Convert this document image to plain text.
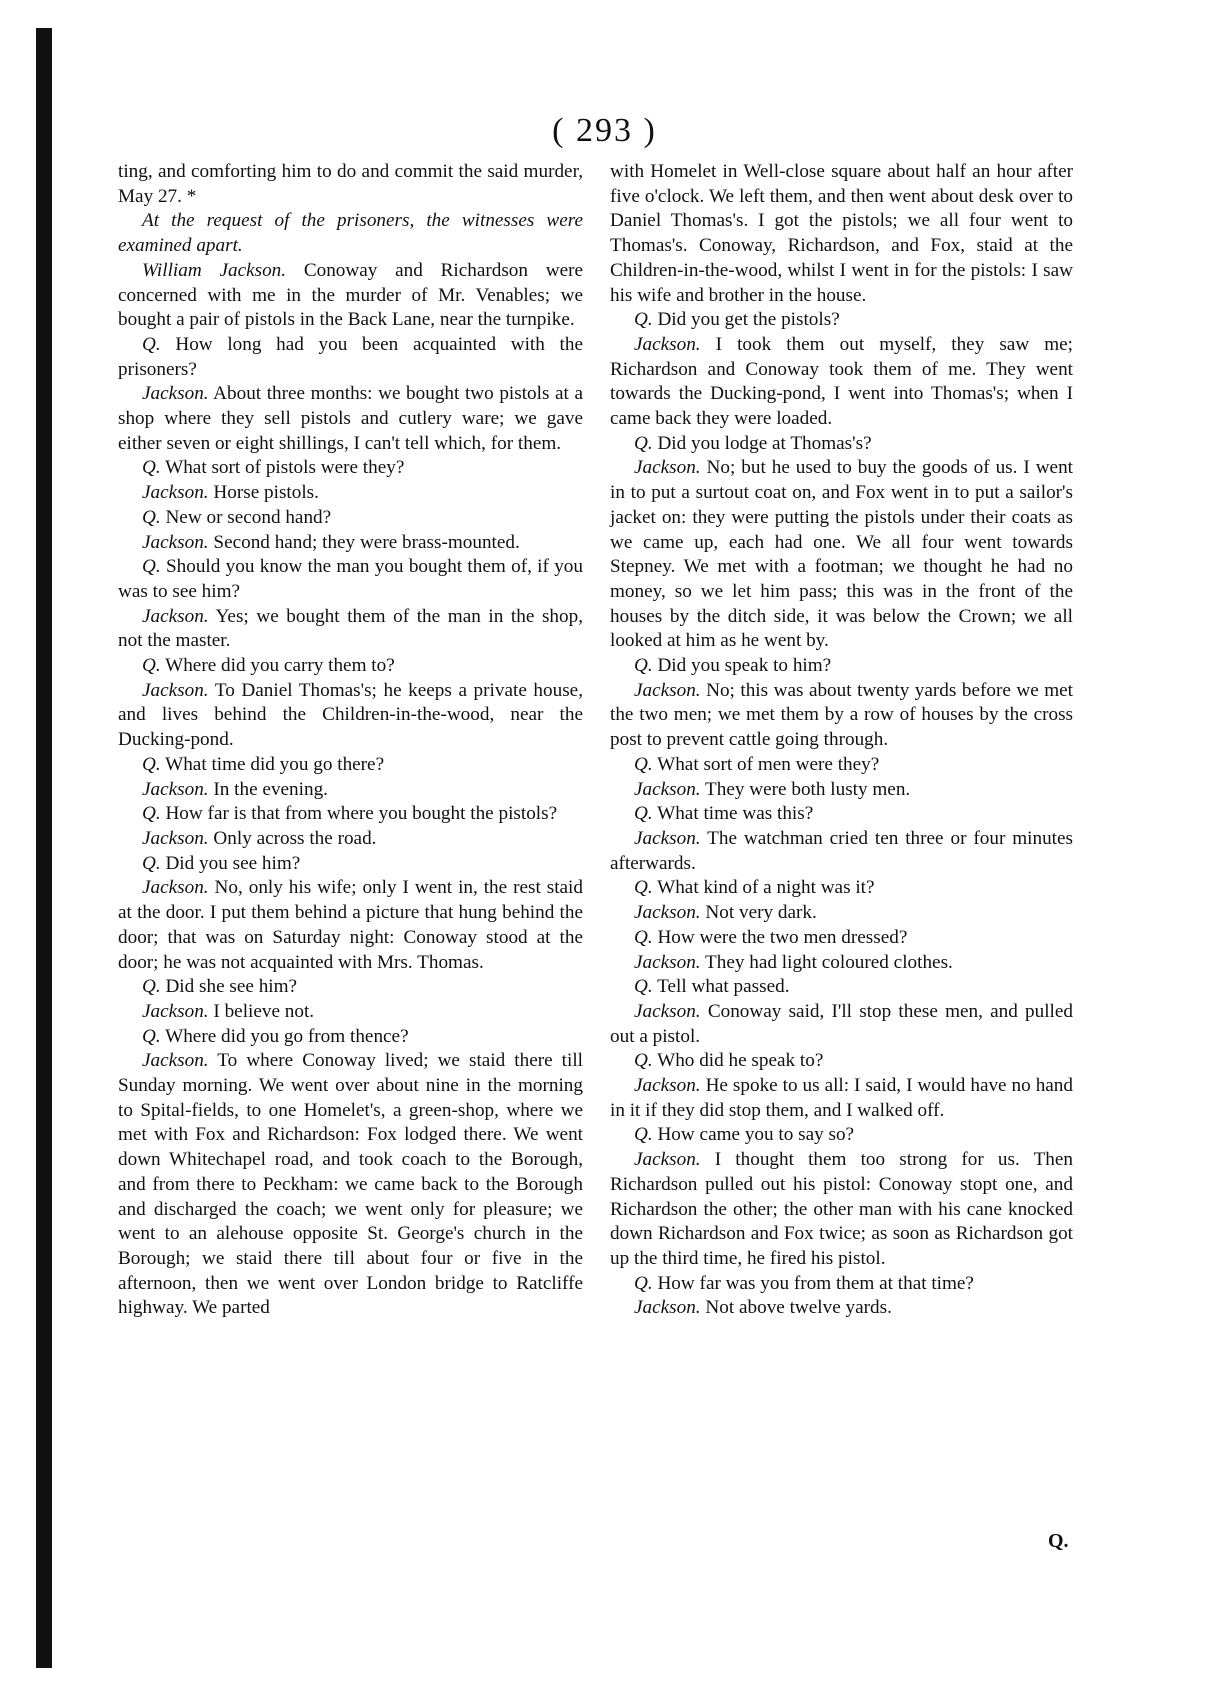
( 293 )

ting, and comforting him to do and commit the said murder, May 27. *

At the request of the prisoners, the witnesses were examined apart.

William Jackson. Conoway and Richardson were concerned with me in the murder of Mr. Venables; we bought a pair of pistols in the Back Lane, near the turnpike.

Q. How long had you been acquainted with the prisoners?

Jackson. About three months: we bought two pistols at a shop where they sell pistols and cutlery ware; we gave either seven or eight shillings, I can't tell which, for them.

Q. What sort of pistols were they?

Jackson. Horse pistols.

Q. New or second hand?

Jackson. Second hand; they were brass-mounted.

Q. Should you know the man you bought them of, if you was to see him?

Jackson. Yes; we bought them of the man in the shop, not the master.

Q. Where did you carry them to?

Jackson. To Daniel Thomas's; he keeps a private house, and lives behind the Children-in-the-wood, near the Ducking-pond.

Q. What time did you go there?

Jackson. In the evening.

Q. How far is that from where you bought the pistols?

Jackson. Only across the road.

Q. Did you see him?

Jackson. No, only his wife; only I went in, the rest staid at the door. I put them behind a picture that hung behind the door; that was on Saturday night: Conoway stood at the door; he was not acquainted with Mrs. Thomas.

Q. Did she see him?

Jackson. I believe not.

Q. Where did you go from thence?

Jackson. To where Conoway lived; we staid there till Sunday morning. We went over about nine in the morning to Spital-fields, to one Homelet's, a green-shop, where we met with Fox and Richardson: Fox lodged there. We went down Whitechapel road, and took coach to the Borough, and from there to Peckham: we came back to the Borough and discharged the coach; we went only for pleasure; we went to an alehouse opposite St. George's church in the Borough; we staid there till about four or five in the afternoon, then we went over London bridge to Ratcliffe highway. We parted

with Homelet in Well-close square about half an hour after five o'clock. We left them, and then went about desk over to Daniel Thomas's. I got the pistols; we all four went to Thomas's. Conoway, Richardson, and Fox, staid at the Children-in-the-wood, whilst I went in for the pistols: I saw his wife and brother in the house.

Q. Did you get the pistols?

Jackson. I took them out myself, they saw me; Richardson and Conoway took them of me. They went towards the Ducking-pond, I went into Thomas's; when I came back they were loaded.

Q. Did you lodge at Thomas's?

Jackson. No; but he used to buy the goods of us. I went in to put a surtout coat on, and Fox went in to put a sailor's jacket on: they were putting the pistols under their coats as we came up, each had one. We all four went towards Stepney. We met with a footman; we thought he had no money, so we let him pass; this was in the front of the houses by the ditch side, it was below the Crown; we all looked at him as he went by.

Q. Did you speak to him?

Jackson. No; this was about twenty yards before we met the two men; we met them by a row of houses by the cross post to prevent cattle going through.

Q. What sort of men were they?

Jackson. They were both lusty men.

Q. What time was this?

Jackson. The watchman cried ten three or four minutes afterwards.

Q. What kind of a night was it?

Jackson. Not very dark.

Q. How were the two men dressed?

Jackson. They had light coloured clothes.

Q. Tell what passed.

Jackson. Conoway said, I'll stop these men, and pulled out a pistol.

Q. Who did he speak to?

Jackson. He spoke to us all: I said, I would have no hand in it if they did stop them, and I walked off.

Q. How came you to say so?

Jackson. I thought them too strong for us. Then Richardson pulled out his pistol: Conoway stopt one, and Richardson the other; the other man with his cane knocked down Richardson and Fox twice; as soon as Richardson got up the third time, he fired his pistol.

Q. How far was you from them at that time?

Jackson. Not above twelve yards.

Q.
